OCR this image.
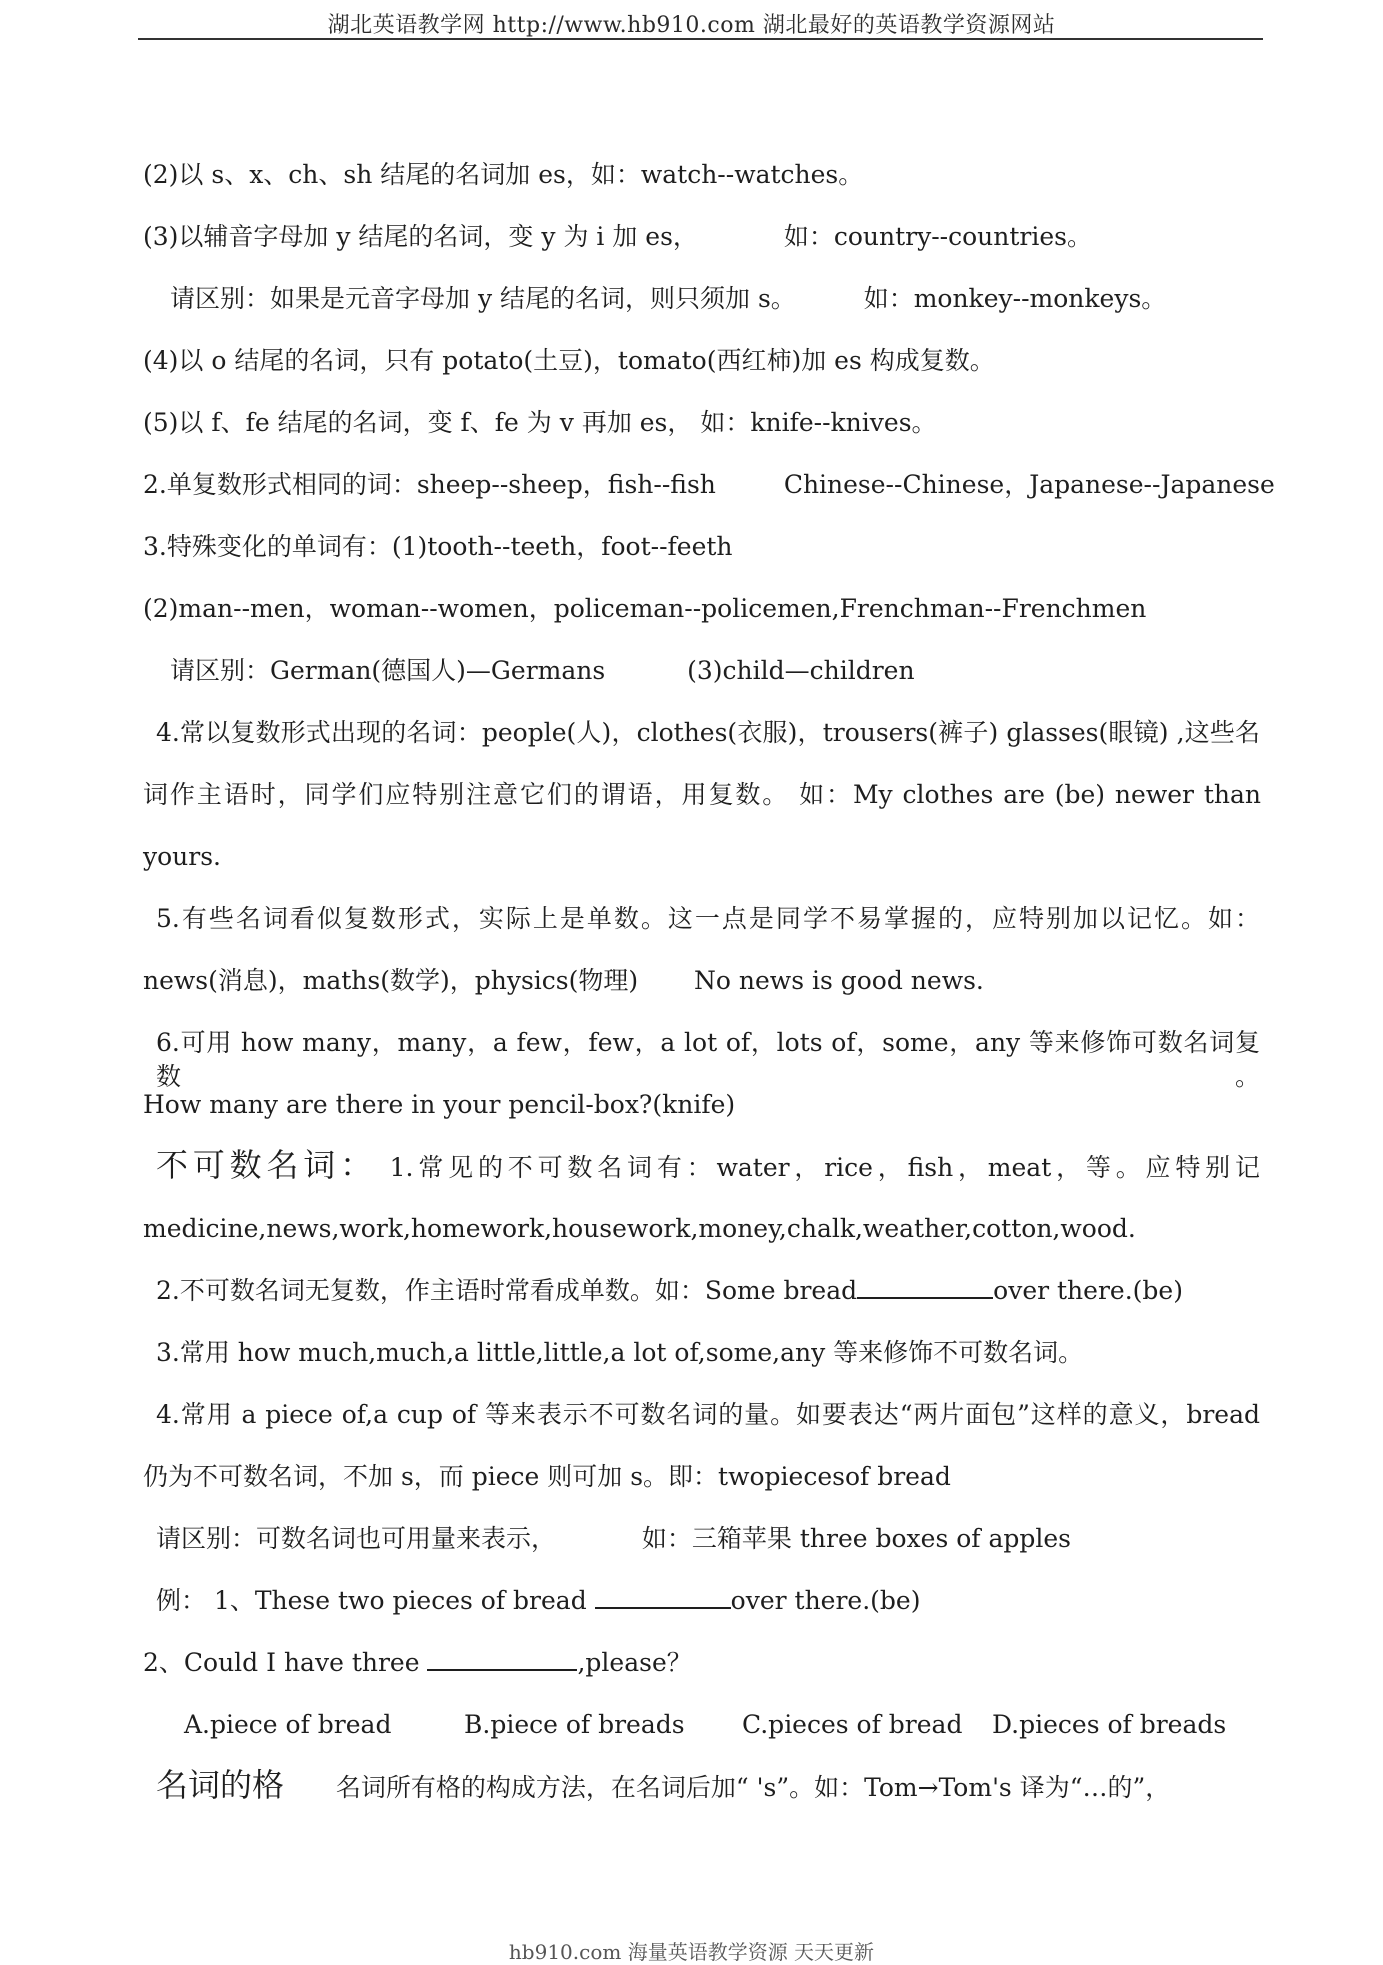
湖北英语教学网 http://www.hb910.com 湖北最好的英语教学资源网站
(2)以 s、x、ch、sh 结尾的名词加 es，如：watch--watches。
(3)以辅音字母加 y 结尾的名词，变 y 为 i 加 es，	如：country--countries。
请区别：如果是元音字母加 y 结尾的名词，则只须加 s。	如：monkey--monkeys。
(4)以 o 结尾的名词，只有 potato(土豆)，tomato(西红柿)加 es 构成复数。
(5)以 f、fe 结尾的名词，变 f、fe 为 v 再加 es， 如：knife--knives。
2.单复数形式相同的词：sheep--sheep，fish--fish	Chinese--Chinese，Japanese--Japanese
3.特殊变化的单词有：(1)tooth--teeth，foot--feeth
(2)man--men，woman--women，policeman--policemen,Frenchman--Frenchmen
请区别：German(德国人)—Germans	(3)child—children
4.常以复数形式出现的名词：people(人)，clothes(衣服)，trousers(裤子) glasses(眼镜) ,这些名
词作主语时，同学们应特别注意它们的谓语，用复数。 如：My clothes are (be) newer than
yours.
5.有些名词看似复数形式，实际上是单数。这一点是同学不易掌握的，应特别加以记忆。如：
news(消息)，maths(数学)，physics(物理) No news is good news.
6.可用 how many，many，a few，few，a lot of，lots of，some，any 等来修饰可数名词复数。
How many are there in your pencil-box?(knife)
不可数名词： 1.常见的不可数名词有：water，rice，fish，meat，等。应特别记
medicine,news,work,homework,housework,money,chalk,weather,cotton,wood.
2.不可数名词无复数，作主语时常看成单数。如：Some bread	over there.(be)
3.常用 how much,much,a little,little,a lot of,some,any 等来修饰不可数名词。
4.常用 a piece of,a cup of 等来表示不可数名词的量。如要表达“两片面包”这样的意义，bread
仍为不可数名词，不加 s，而 piece 则可加 s。即：twopiecesof bread
请区别：可数名词也可用量来表示，	如：三箱苹果 three boxes of apples
例： 1、These two pieces of bread	over there.(be)
2、Could I have three	,please？
A.piece of bread	B.piece of breads C.pieces of bread D.pieces of breads
名词的格 名词所有格的构成方法，在名词后加“ 's”。如：Tom→Tom's 译为“…的”，
hb910.com 海量英语教学资源 天天更新
